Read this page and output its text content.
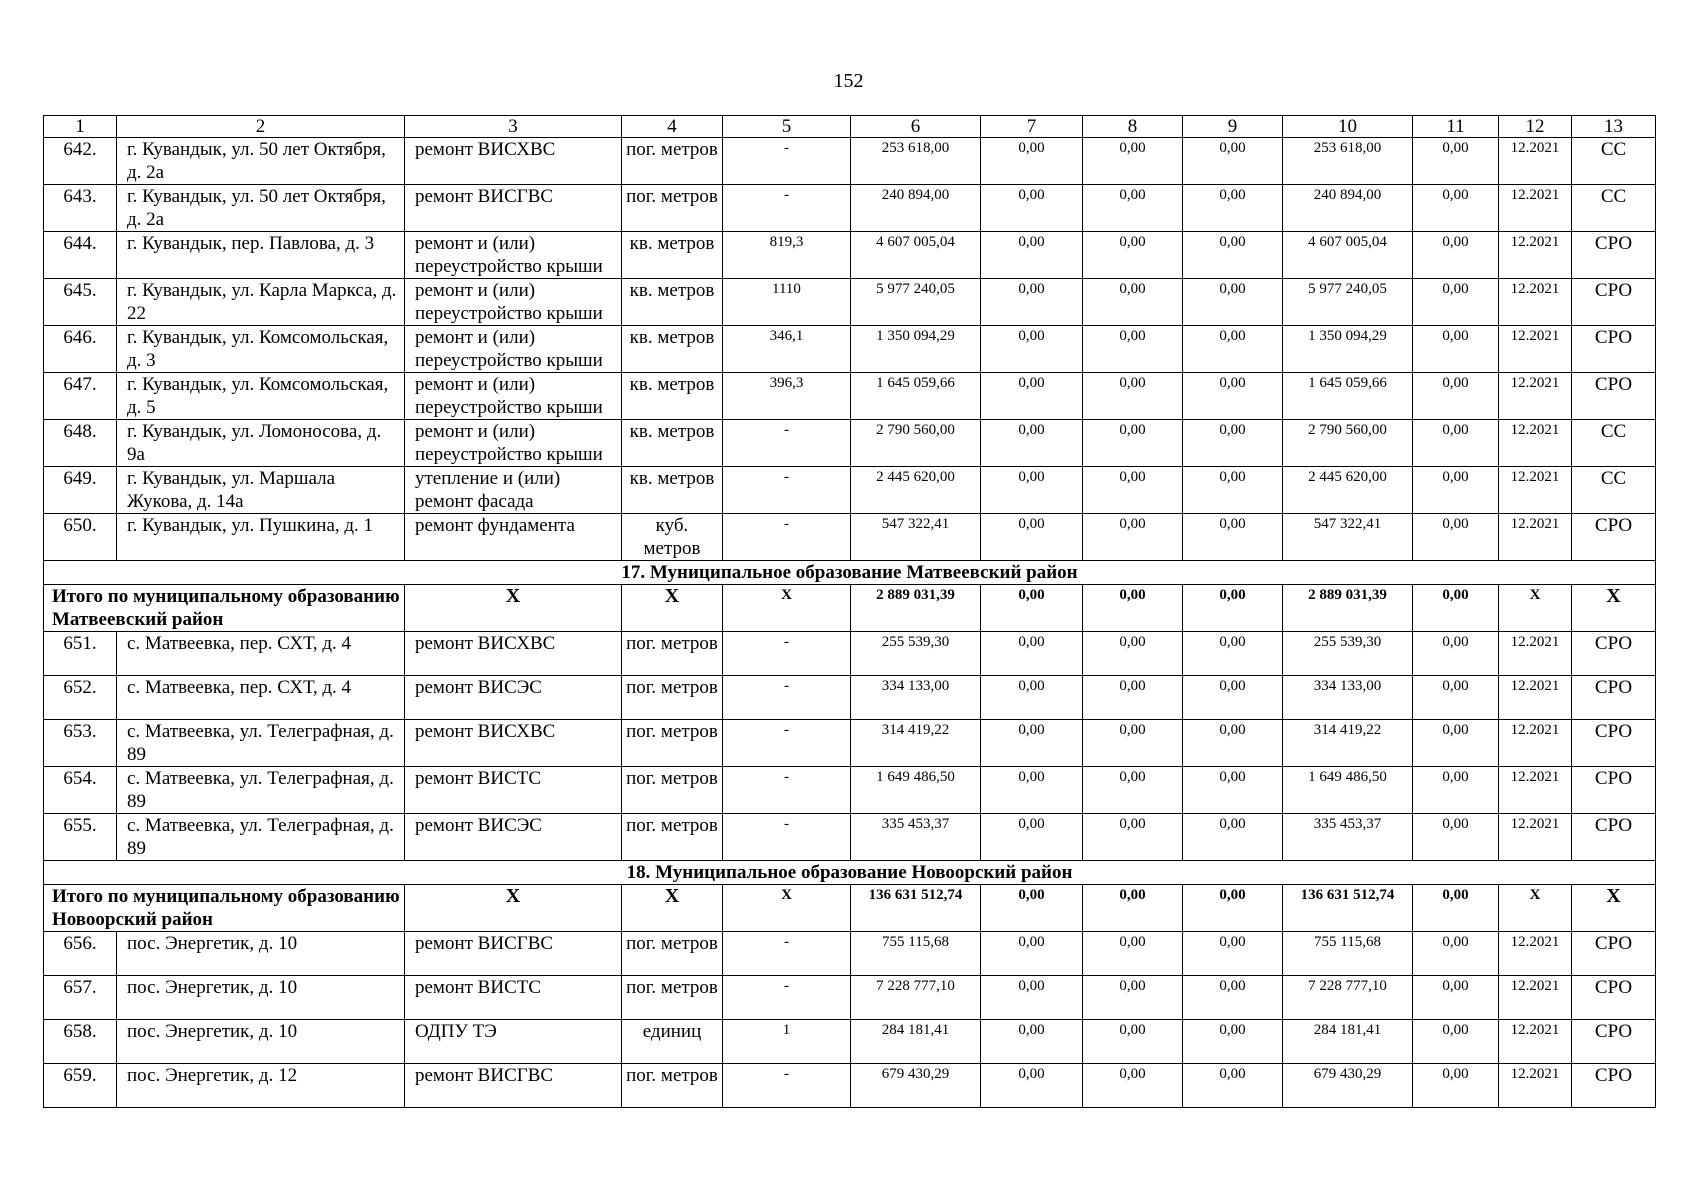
152
1	2	3	4	5	6	7	8	9	10	11	12	13
642.	г. Кувандык, ул. 50 лет Октября, д. 2а	ремонт ВИСХВС	пог. метров	-	253 618,00	0,00	0,00	0,00	253 618,00	0,00	12.2021	СС
643.	г. Кувандык, ул. 50 лет Октября, д. 2а	ремонт ВИСГВС	пог. метров	-	240 894,00	0,00	0,00	0,00	240 894,00	0,00	12.2021	СС
644.	г. Кувандык, пер. Павлова, д. 3	ремонт и (или) переустройство крыши	кв. метров	819,3	4 607 005,04	0,00	0,00	0,00	4 607 005,04	0,00	12.2021	СРО
645.	г. Кувандык, ул. Карла Маркса, д. 22	ремонт и (или) переустройство крыши	кв. метров	1110	5 977 240,05	0,00	0,00	0,00	5 977 240,05	0,00	12.2021	СРО
646.	г. Кувандык, ул. Комсомольская, д. 3	ремонт и (или) переустройство крыши	кв. метров	346,1	1 350 094,29	0,00	0,00	0,00	1 350 094,29	0,00	12.2021	СРО
647.	г. Кувандык, ул. Комсомольская, д. 5	ремонт и (или) переустройство крыши	кв. метров	396,3	1 645 059,66	0,00	0,00	0,00	1 645 059,66	0,00	12.2021	СРО
648.	г. Кувандык, ул. Ломоносова, д. 9а	ремонт и (или) переустройство крыши	кв. метров	-	2 790 560,00	0,00	0,00	0,00	2 790 560,00	0,00	12.2021	СС
649.	г. Кувандык, ул. Маршала Жукова, д. 14а	утепление и (или) ремонт фасада	кв. метров	-	2 445 620,00	0,00	0,00	0,00	2 445 620,00	0,00	12.2021	СС
650.	г. Кувандык, ул. Пушкина, д. 1	ремонт фундамента	куб. метров	-	547 322,41	0,00	0,00	0,00	547 322,41	0,00	12.2021	СРО
17. Муниципальное образование Матвеевский район												
Итого по муниципальному образованию Матвеевский район		Х	Х	Х	2 889 031,39	0,00	0,00	0,00	2 889 031,39	0,00	Х	Х
651.	с. Матвеевка, пер. СХТ, д. 4	ремонт ВИСХВС	пог. метров	-	255 539,30	0,00	0,00	0,00	255 539,30	0,00	12.2021	СРО
652.	с. Матвеевка, пер. СХТ, д. 4	ремонт ВИСЭС	пог. метров	-	334 133,00	0,00	0,00	0,00	334 133,00	0,00	12.2021	СРО
653.	с. Матвеевка, ул. Телеграфная, д. 89	ремонт ВИСХВС	пог. метров	-	314 419,22	0,00	0,00	0,00	314 419,22	0,00	12.2021	СРО
654.	с. Матвеевка, ул. Телеграфная, д. 89	ремонт ВИСТС	пог. метров	-	1 649 486,50	0,00	0,00	0,00	1 649 486,50	0,00	12.2021	СРО
655.	с. Матвеевка, ул. Телеграфная, д. 89	ремонт ВИСЭС	пог. метров	-	335 453,37	0,00	0,00	0,00	335 453,37	0,00	12.2021	СРО
18. Муниципальное образование Новоорский район												
Итого по муниципальному образованию Новоорский район		Х	Х	Х	136 631 512,74	0,00	0,00	0,00	136 631 512,74	0,00	Х	Х
656.	пос. Энергетик, д. 10	ремонт ВИСГВС	пог. метров	-	755 115,68	0,00	0,00	0,00	755 115,68	0,00	12.2021	СРО
657.	пос. Энергетик, д. 10	ремонт ВИСТС	пог. метров	-	7 228 777,10	0,00	0,00	0,00	7 228 777,10	0,00	12.2021	СРО
658.	пос. Энергетик, д. 10	ОДПУ ТЭ	единиц	1	284 181,41	0,00	0,00	0,00	284 181,41	0,00	12.2021	СРО
659.	пос. Энергетик, д. 12	ремонт ВИСГВС	пог. метров	-	679 430,29	0,00	0,00	0,00	679 430,29	0,00	12.2021	СРО
